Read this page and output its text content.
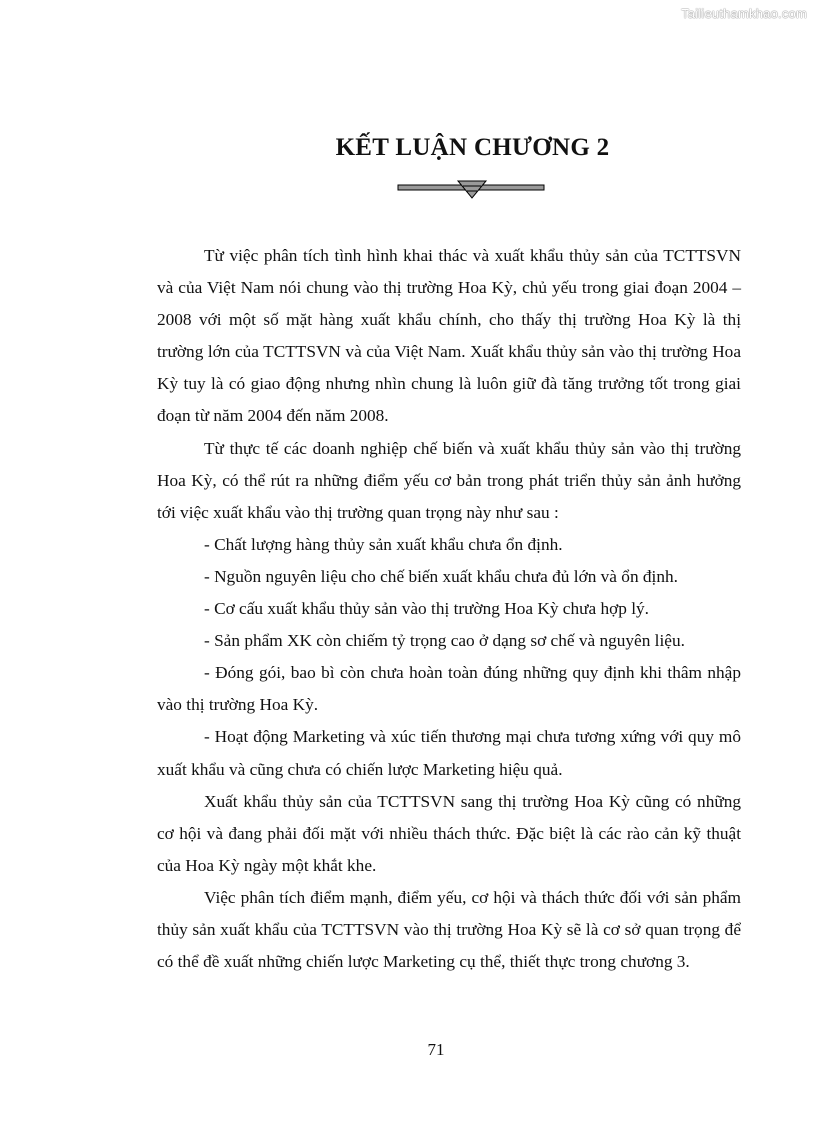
Tailieuthamkhao.com
KẾT LUẬN CHƯƠNG 2

Từ việc phân tích tình hình khai thác và xuất khẩu thủy sản của TCTTSVN và của Việt Nam nói chung vào thị trường Hoa Kỳ, chủ yếu trong giai đoạn 2004 – 2008 với một số mặt hàng xuất khẩu chính, cho thấy thị trường Hoa Kỳ là thị trường lớn của TCTTSVN và của Việt Nam. Xuất khẩu thủy sản vào thị trường Hoa Kỳ tuy là có giao động nhưng nhìn chung là luôn giữ đà tăng trưởng tốt trong giai đoạn từ năm 2004 đến năm 2008.

Từ thực tế các doanh nghiệp chế biến và xuất khẩu thủy sản vào thị trường Hoa Kỳ, có thể rút ra những điểm yếu cơ bản trong phát triển thủy sản ảnh hưởng tới việc xuất khẩu vào thị trường quan trọng này như sau :

- Chất lượng hàng thủy sản xuất khẩu chưa ổn định.

- Nguồn nguyên liệu cho chế biến xuất khẩu chưa đủ lớn và ổn định.

- Cơ cấu xuất khẩu thủy sản vào thị trường Hoa Kỳ chưa hợp lý.

- Sản phẩm XK còn chiếm tỷ trọng cao ở dạng sơ chế và nguyên liệu.

- Đóng gói, bao bì còn chưa hoàn toàn đúng những quy định khi thâm nhập vào thị trường Hoa Kỳ.

- Hoạt động Marketing và xúc tiến thương mại chưa tương xứng với quy mô xuất khẩu và cũng chưa có chiến lược Marketing hiệu quả.

Xuất khẩu thủy sản của TCTTSVN sang thị trường Hoa Kỳ cũng có những cơ hội và đang phải đối mặt với nhiều thách thức. Đặc biệt là các rào cản kỹ thuật của Hoa Kỳ ngày một khắt khe.

Việc phân tích điểm mạnh, điểm yếu, cơ hội và thách thức đối với sản phẩm thủy sản xuất khẩu của TCTTSVN vào thị trường Hoa Kỳ sẽ là cơ sở quan trọng để có thể đề xuất những chiến lược Marketing cụ thể, thiết thực trong chương 3.

71
